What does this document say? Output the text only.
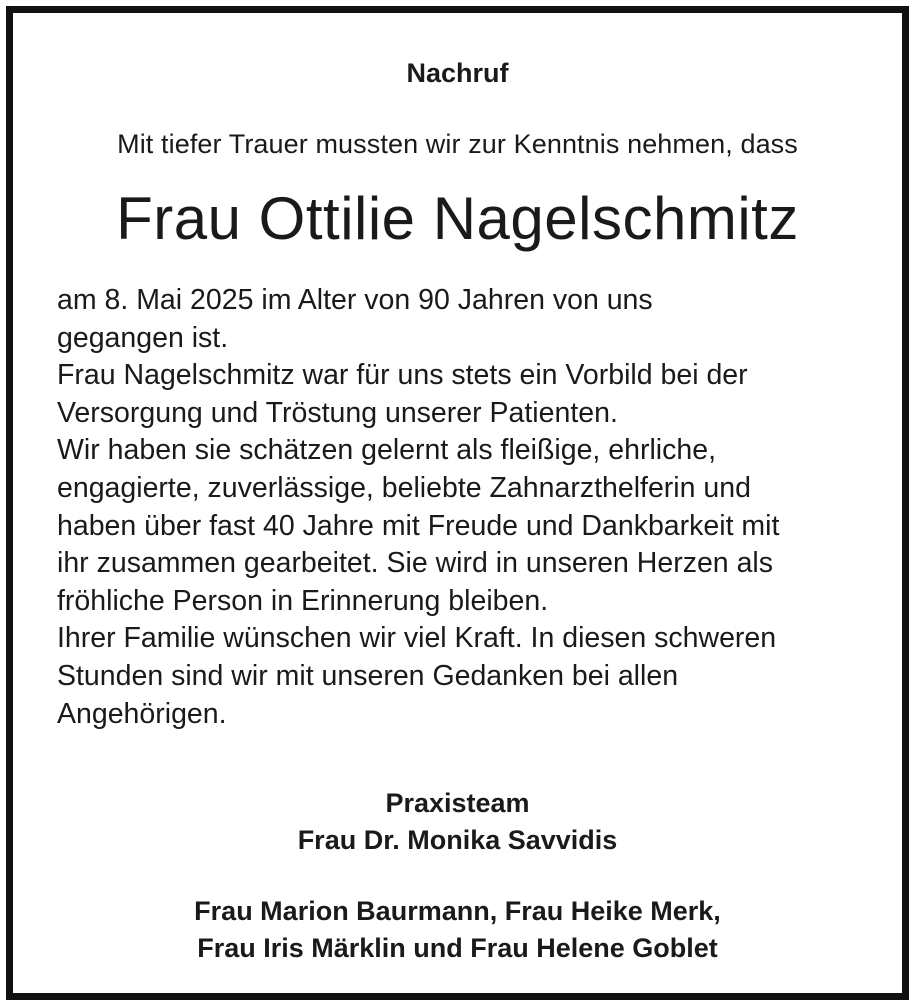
Nachruf
Mit tiefer Trauer mussten wir zur Kenntnis nehmen, dass
Frau Ottilie Nagelschmitz

am 8. Mai 2025 im Alter von 90 Jahren von uns

gegangen ist.

Frau Nagelschmitz war für uns stets ein Vorbild bei der

Versorgung und Tröstung unserer Patienten.

Wir haben sie schätzen gelernt als fleißige, ehrliche,

engagierte, zuverlässige, beliebte Zahnarzthelferin und

haben über fast 40 Jahre mit Freude und Dankbarkeit mit

ihr zusammen gearbeitet. Sie wird in unseren Herzen als

fröhliche Person in Erinnerung bleiben.

Ihrer Familie wünschen wir viel Kraft. In diesen schweren

Stunden sind wir mit unseren Gedanken bei allen

Angehörigen.

Praxisteam
Frau Dr. Monika Savvidis
Frau Marion Baurmann, Frau Heike Merk,
Frau Iris Märklin und Frau Helene Goblet
